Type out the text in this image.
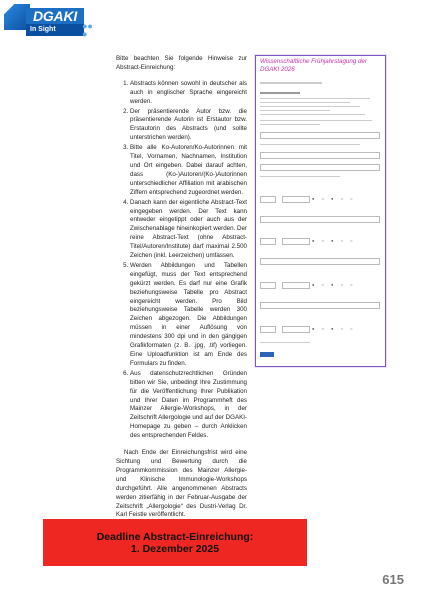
DGAKI
In Sight	●●
●

Bitte beachten Sie folgende Hinweise zur Abstract-Einreichung:

1. Abstracts können sowohl in deutscher als auch in englischer Sprache eingereicht werden.
2. Der präsentierende Autor bzw. die präsentierende Autorin ist Erstautor bzw. Erstautorin des Abstracts (und sollte unterstrichen werden).
3. Bitte alle Ko-Autoren/Ko-Autorinnen mit Titel, Vornamen, Nachnamen, Institution und Ort eingeben. Dabei darauf achten, dass (Ko-)Autoren/(Ko-)Autorinnen unterschiedlicher Affiliation mit arabischen Ziffern entsprechend zugeordnet werden.
4. Danach kann der eigentliche Abstract-Text eingegeben werden. Der Text kann entweder eingetippt oder auch aus der Zwischenablage hineinkopiert werden. Der reine Abstract-Text (ohne Abstract-Titel/Autoren/Institute) darf maximal 2.500 Zeichen (inkl. Leerzeichen) umfassen.
5. Werden Abbildungen und Tabellen eingefügt, muss der Text entsprechend gekürzt werden. Es darf nur eine Grafik beziehungsweise Tabelle pro Abstract eingereicht werden. Pro Bild beziehungsweise Tabelle werden 300 Zeichen abgezogen. Die Abbildungen müssen in einer Auflösung von mindestens 300 dpi und in den gängigen Grafikformaten (z. B. .jpg, .tif) vorliegen. Eine Uploadfunktion ist am Ende des Formulars zu finden.
6. Aus datenschutzrechtlichen Gründen bitten wir Sie, unbedingt Ihre Zustimmung für die Veröffentlichung Ihrer Publikation und Ihrer Daten im Programmheft des Mainzer Allergie-Workshops, in der Zeitschrift Allergologie und auf der DGAKI-Homepage zu geben – durch Anklicken des entsprechenden Feldes.

Nach Ende der Einreichungsfrist wird eine Sichtung und Bewertung durch die Programmkommission des Mainzer Allergie- und Klinische Immunologie-Workshops durchgeführt. Alle angenommenen Abstracts werden zitierfähig in der Februar-Ausgabe der Zeitschrift „Allergologie“ des Dustri-Verlag Dr. Karl Feistle veröffentlicht.

Wissenschaftliche Frühjahrstagung der
DGAKI 2026
● ○ ● ○ ○
● ○ ● ○ ○
● ○ ● ○ ○
● ○ ● ○ ○
Deadline Abstract-Einreichung:
1. Dezember 2025
615
